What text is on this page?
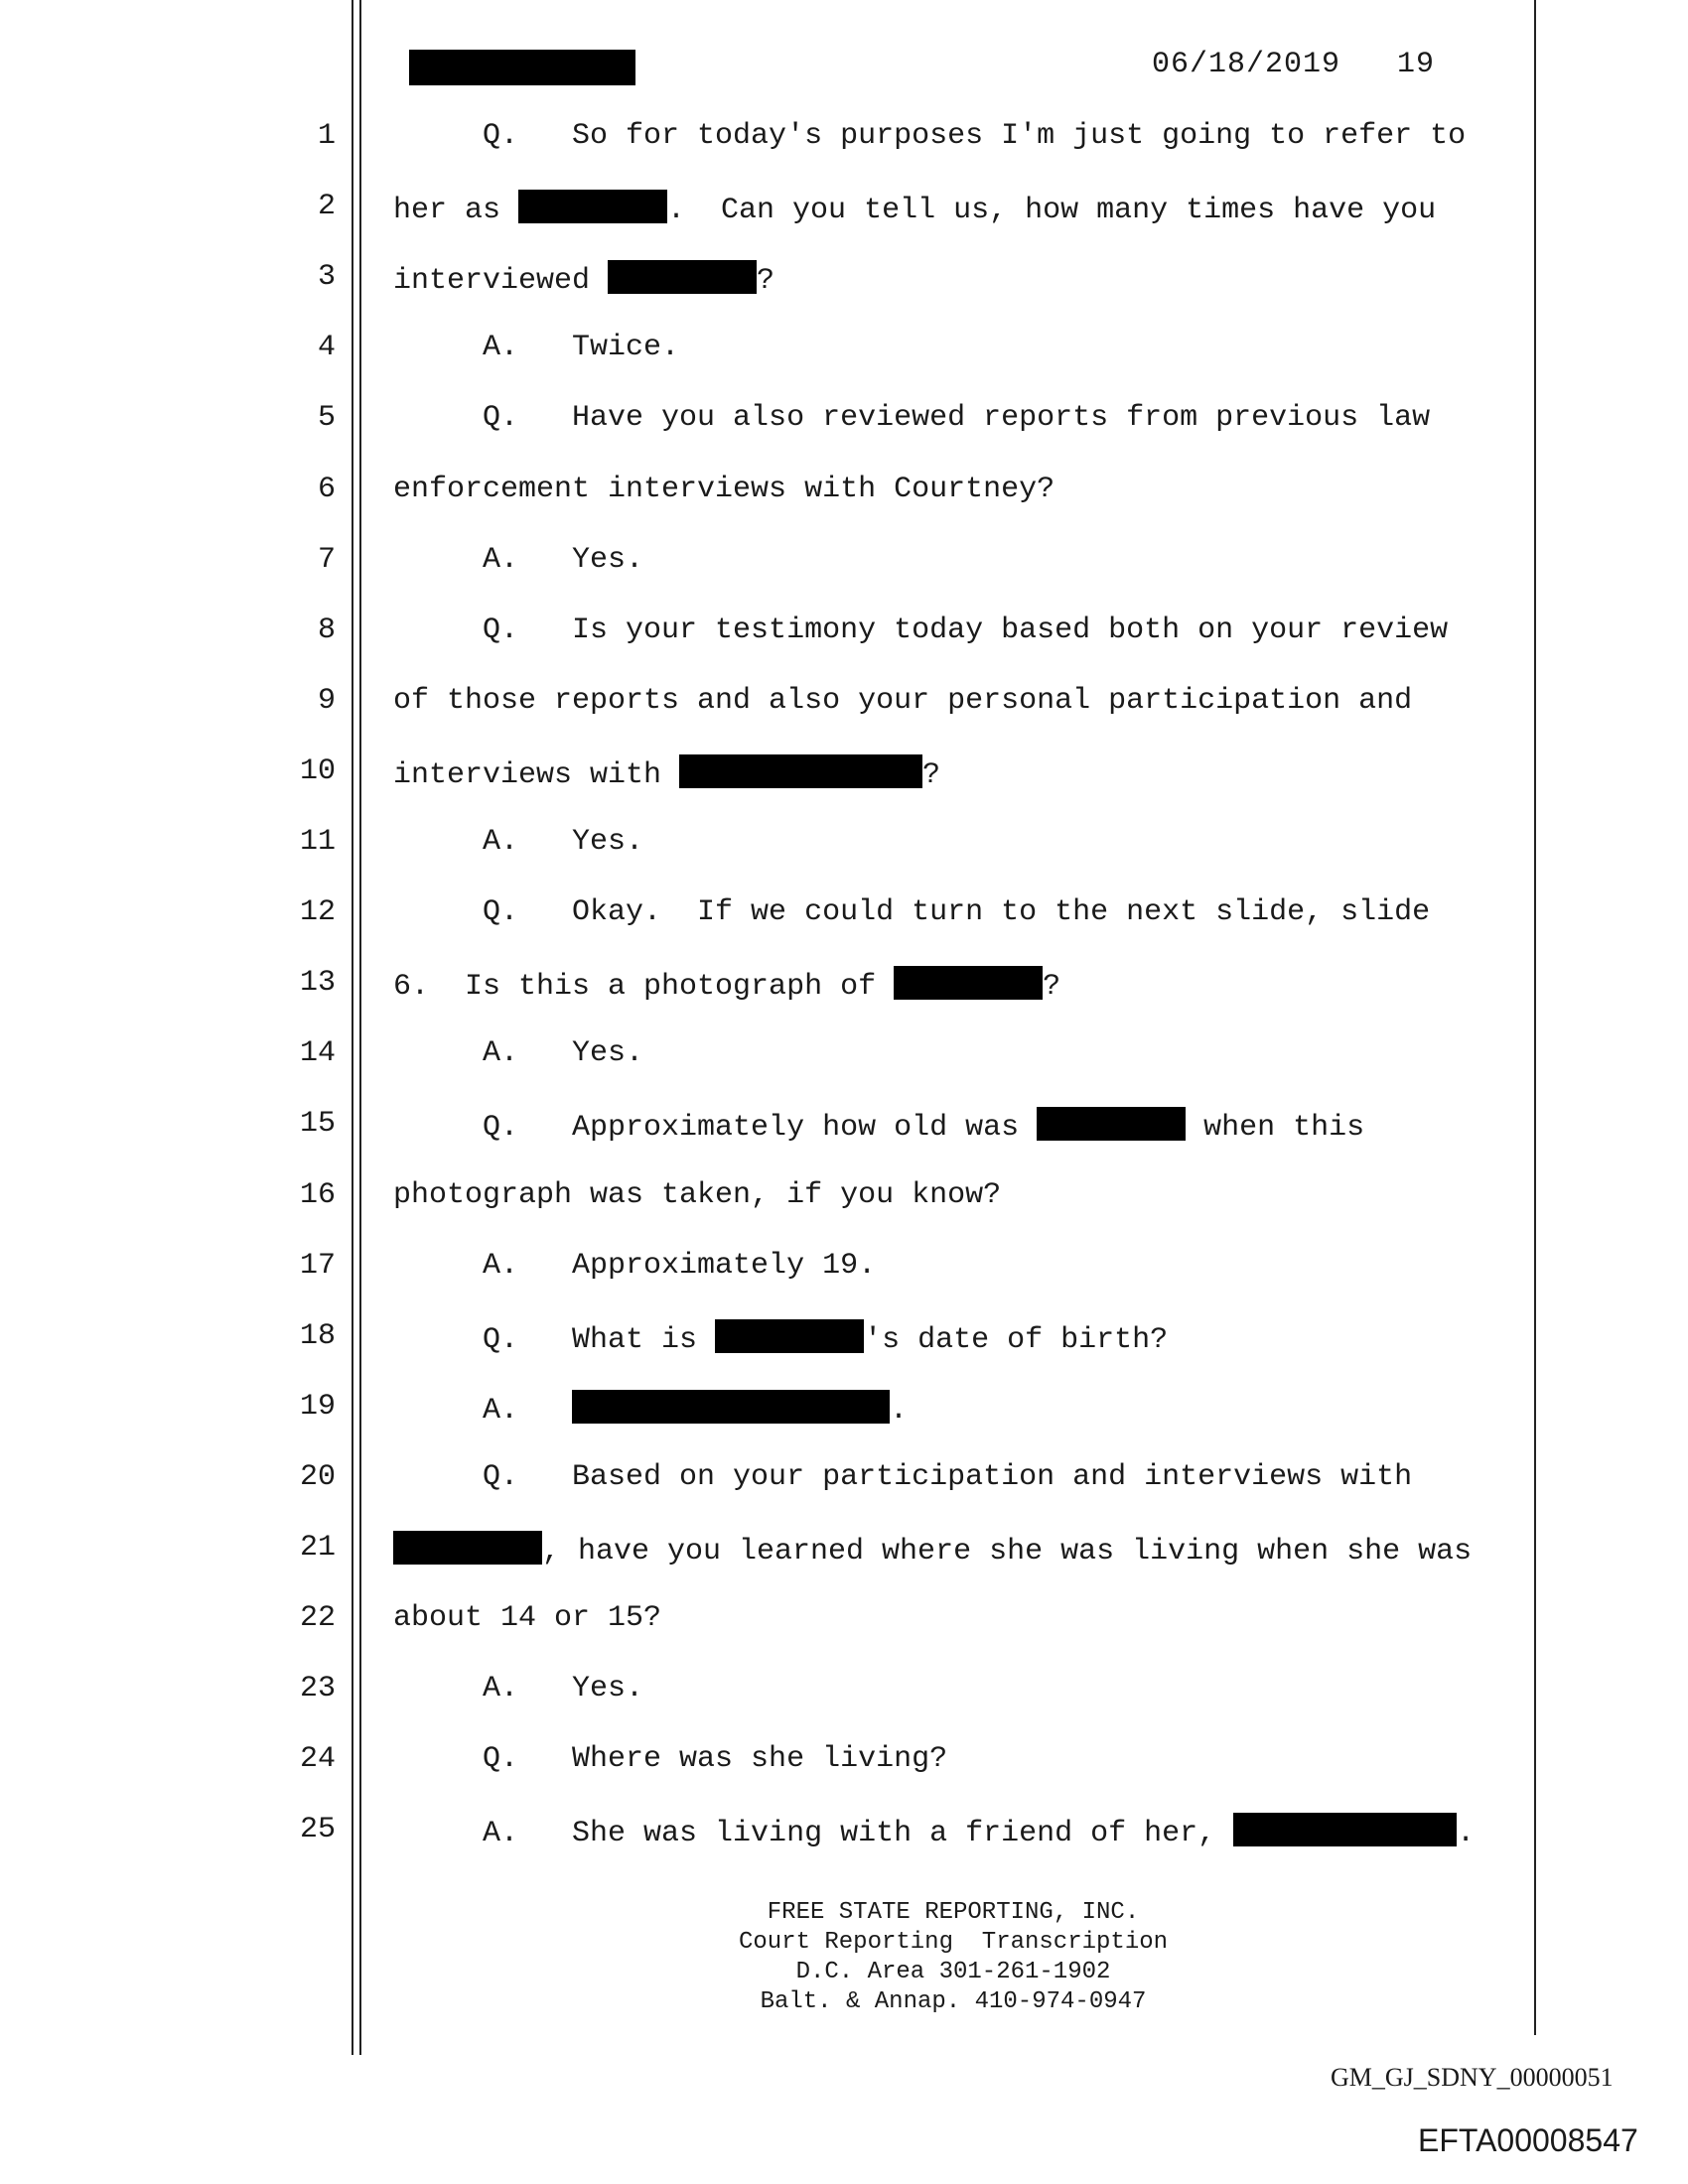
06/18/2019 19
1 Q.   So for today's purposes I'm just going to refer to
2 her as	.  Can you tell us, how many times have you
3 interviewed	?
4 A.   Twice.
5 Q.   Have you also reviewed reports from previous law
6 enforcement interviews with Courtney?
7 A.   Yes.
8 Q.   Is your testimony today based both on your review
9 of those reports and also your personal participation and
10 interviews with	?
11 A.   Yes.
12 Q.   Okay.  If we could turn to the next slide, slide
13 6.  Is this a photograph of	?
14 A.   Yes.
15 Q.   Approximately how old was	when this
16 photograph was taken, if you know?
17 A.   Approximately 19.
18 Q.   What is	's date of birth?
19 A.	.
20 Q.   Based on your participation and interviews with
21	, have you learned where she was living when she was
22 about 14 or 15?
23 A.   Yes.
24 Q.   Where was she living?
25 A.   She was living with a friend of her,	.
FREE STATE REPORTING, INC.
Court Reporting  Transcription
D.C. Area 301-261-1902
Balt. & Annap. 410-974-0947
GM_GJ_SDNY_00000051
EFTA00008547
